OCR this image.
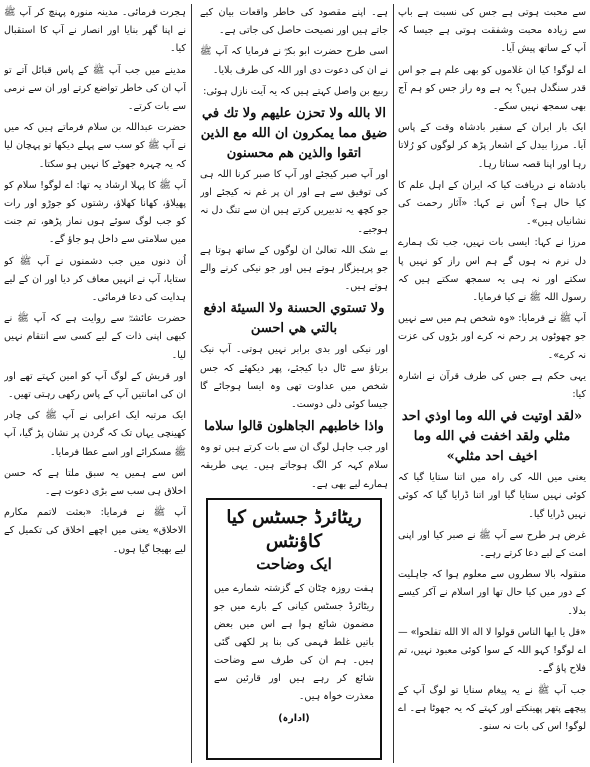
سے محبت ہوتی ہے جس کی نسبت ہے باپ سے زیادہ محبت وشفقت ہوتی ہے جیسا کہ آپ کے ساتھ پیش آیا۔

اے لوگو! کیا ان غلاموں کو بھی علم ہے جو اس قدر سنگدل ہیں؟ یہ ہے وہ راز جس کو ہم آج بھی سمجھ نہیں سکے۔

ایک بار ایران کے سفیر بادشاہ وقت کے پاس آیا۔ مرزا بیدل کے اشعار پڑھ کر لوگوں کو رُلاتا رہا اور اپنا قصہ سناتا رہا۔

بادشاہ نے دریافت کیا کہ ایران کے اہل علم کا کیا حال ہے؟ اُس نے کہا: «آثار رحمت کی نشانیاں ہیں»۔

مرزا نے کہا: ایسی بات نہیں، جب تک ہمارے دل نرم نہ ہوں گے ہم اس راز کو نہیں پا سکتے اور نہ ہی یہ سمجھ سکتے ہیں کہ رسول اللہ ﷺ نے کیا فرمایا۔

آپ ﷺ نے فرمایا: «وہ شخص ہم میں سے نہیں جو چھوٹوں پر رحم نہ کرے اور بڑوں کی عزت نہ کرے»۔

یہی حکم ہے جس کی طرف قرآن نے اشارہ کیا:

«لقد اوتيت في الله وما اوذي احد مثلي ولقد اخفت في الله وما اخيف احد مثلي»

یعنی میں اللہ کی راہ میں اتنا ستایا گیا کہ کوئی نہیں ستایا گیا اور اتنا ڈرایا گیا کہ کوئی نہیں ڈرایا گیا۔

غرض ہر طرح سے آپ ﷺ نے صبر کیا اور اپنی امت کے لیے دعا کرتے رہے۔

منقولہ بالا سطروں سے معلوم ہوا کہ جاہلیت کے دور میں کیا حال تھا اور اسلام نے آکر کیسے بدلا۔

«قل يا ايها الناس قولوا لا اله الا الله تفلحوا» — اے لوگو! کہو اللہ کے سوا کوئی معبود نہیں، تم فلاح پاؤ گے۔

جب آپ ﷺ نے یہ پیغام سنایا تو لوگ آپ کے پیچھے پتھر پھینکتے اور کہتے کہ یہ جھوٹا ہے۔ اے لوگو! اس کی بات نہ سنو۔

ہے۔ اپنے مقصود کی خاطر واقعات بیان کیے جاتے ہیں اور نصیحت حاصل کی جاتی ہے۔

اسی طرح حضرت ابو بکرؓ نے فرمایا کہ آپ ﷺ نے ان کی دعوت دی اور اللہ کی طرف بلایا۔

ربیع بن واصل کہتے ہیں کہ یہ آیت نازل ہوئی:

الا بالله ولا تحزن عليهم ولا تك في ضيق مما يمكرون ان الله مع الذين اتقوا والذين هم محسنون

اور آپ صبر کیجئے اور آپ کا صبر کرنا اللہ ہی کی توفیق سے ہے اور ان پر غم نہ کیجئے اور جو کچھ یہ تدبیریں کرتے ہیں ان سے تنگ دل نہ ہوجیے۔

بے شک اللہ تعالیٰ ان لوگوں کے ساتھ ہوتا ہے جو پرہیزگار ہوتے ہیں اور جو نیکی کرنے والے ہوتے ہیں۔

ولا تستوي الحسنة ولا السيئة ادفع بالتي هي احسن

اور نیکی اور بدی برابر نہیں ہوتی۔ آپ نیک برتاؤ سے ٹال دیا کیجئے، پھر دیکھئے کہ جس شخص میں عداوت تھی وہ ایسا ہوجائے گا جیسا کوئی دلی دوست۔

واذا خاطبهم الجاهلون قالوا سلاما

اور جب جاہل لوگ ان سے بات کرتے ہیں تو وہ سلام کہہ کر الگ ہوجاتے ہیں۔ یہی طریقہ ہمارے لیے بھی ہے۔

ریٹائرڈ جسٹس کیا کاؤنٹس

ایک وضاحت

ہفت روزہ چٹان کے گزشتہ شمارے میں ریٹائرڈ جسٹس کیانی کے بارے میں جو مضمون شائع ہوا ہے اس میں بعض باتیں غلط فہمی کی بنا پر لکھی گئی ہیں۔ ہم ان کی طرف سے وضاحت شائع کر رہے ہیں اور قارئین سے معذرت خواہ ہیں۔

(ادارہ)

ہجرت فرمائی۔ مدینہ منورہ پہنچ کر آپ ﷺ نے اپنا گھر بنایا اور انصار نے آپ کا استقبال کیا۔

مدینے میں جب آپ ﷺ کے پاس قبائل آتے تو آپ ان کی خاطر تواضع کرتے اور ان سے نرمی سے بات کرتے۔

حضرت عبداللہ بن سلام فرماتے ہیں کہ میں نے آپ ﷺ کو سب سے پہلے دیکھا تو پہچان لیا کہ یہ چہرہ جھوٹے کا نہیں ہو سکتا۔

آپ ﷺ کا پہلا ارشاد یہ تھا: اے لوگو! سلام کو پھیلاؤ، کھانا کھلاؤ، رشتوں کو جوڑو اور رات کو جب لوگ سوئے ہوں نماز پڑھو، تم جنت میں سلامتی سے داخل ہو جاؤ گے۔

اُن دنوں میں جب دشمنوں نے آپ ﷺ کو ستایا، آپ نے انہیں معاف کر دیا اور ان کے لیے ہدایت کی دعا فرمائی۔

حضرت عائشہؓ سے روایت ہے کہ آپ ﷺ نے کبھی اپنی ذات کے لیے کسی سے انتقام نہیں لیا۔

اور قریش کے لوگ آپ کو امین کہتے تھے اور ان کی امانتیں آپ کے پاس رکھی رہتی تھیں۔

ایک مرتبہ ایک اعرابی نے آپ ﷺ کی چادر کھینچی یہاں تک کہ گردن پر نشان پڑ گیا، آپ ﷺ مسکرائے اور اسے عطا فرمایا۔

اس سے ہمیں یہ سبق ملتا ہے کہ حسن اخلاق ہی سب سے بڑی دعوت ہے۔

آپ ﷺ نے فرمایا: «بعثت لاتمم مكارم الاخلاق» یعنی میں اچھے اخلاق کی تکمیل کے لیے بھیجا گیا ہوں۔
